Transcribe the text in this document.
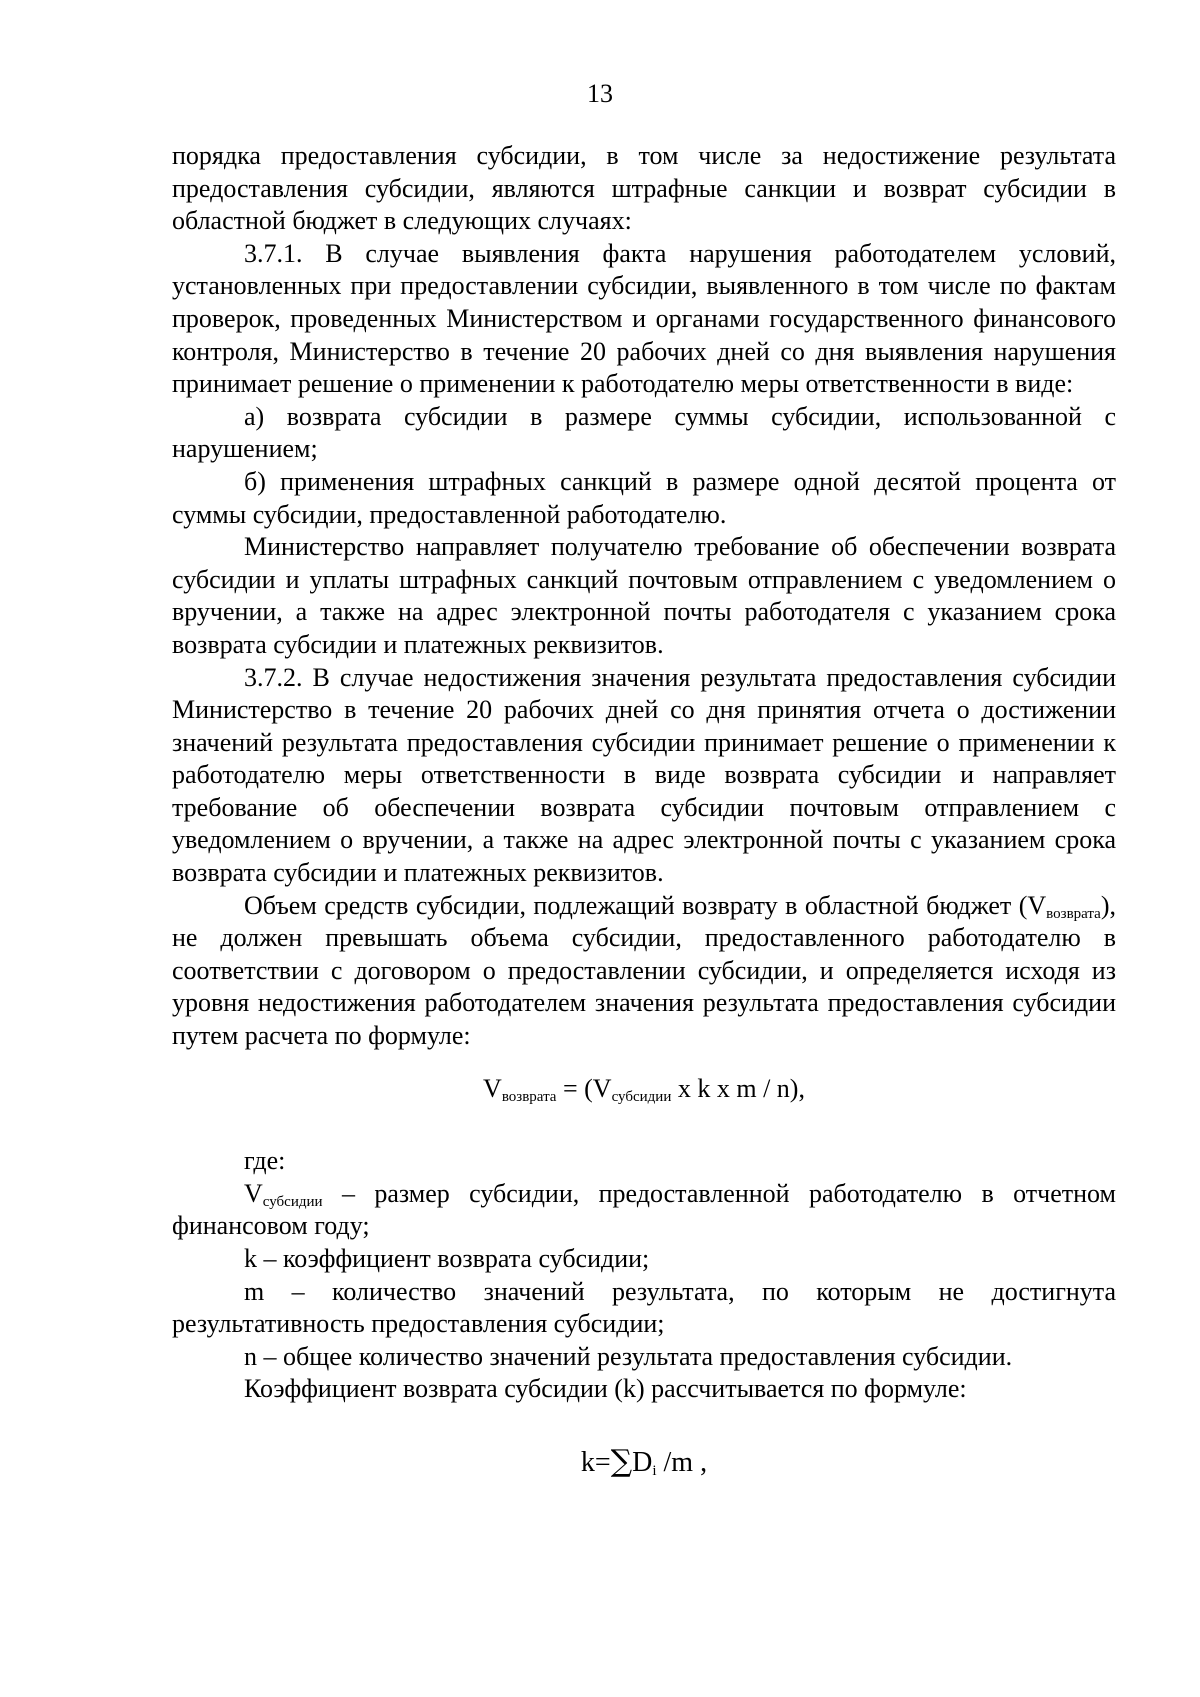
13

порядка предоставления субсидии, в том числе за недостижение результата предоставления субсидии, являются штрафные санкции и возврат субсидии в областной бюджет в следующих случаях:

3.7.1. В случае выявления факта нарушения работодателем условий, установленных при предоставлении субсидии, выявленного в том числе по фактам проверок, проведенных Министерством и органами государственного финансового контроля, Министерство в течение 20 рабочих дней со дня выявления нарушения принимает решение о применении к работодателю меры ответственности в виде:

а) возврата субсидии в размере суммы субсидии, использованной с нарушением;

б) применения штрафных санкций в размере одной десятой процента от суммы субсидии, предоставленной работодателю.

Министерство направляет получателю требование об обеспечении возврата субсидии и уплаты штрафных санкций почтовым отправлением с уведомлением о вручении, а также на адрес электронной почты работодателя с указанием срока возврата субсидии и платежных реквизитов.

3.7.2. В случае недостижения значения результата предоставления субсидии Министерство в течение 20 рабочих дней со дня принятия отчета о достижении значений результата предоставления субсидии принимает решение о применении к работодателю меры ответственности в виде возврата субсидии и направляет требование об обеспечении возврата субсидии почтовым отправлением с уведомлением о вручении, а также на адрес электронной почты с указанием срока возврата субсидии и платежных реквизитов.

Объем средств субсидии, подлежащий возврату в областной бюджет $(V_{возврата})$, не должен превышать объема субсидии, предоставленного работодателю в соответствии с договором о предоставлении субсидии, и определяется исходя из уровня недостижения работодателем значения результата предоставления субсидии путем расчета по формуле:

$V_{возврата} = (V_{субсидии}$ x k x m / n),

где:

$V_{субсидии}$ – размер субсидии, предоставленной работодателю в отчетном финансовом году;

k – коэффициент возврата субсидии;

m – количество значений результата, по которым не достигнута результативность предоставления субсидии;

n – общее количество значений результата предоставления субсидии.

Коэффициент возврата субсидии (k) рассчитывается по формуле:

$k=\sum D_i$ /m ,
